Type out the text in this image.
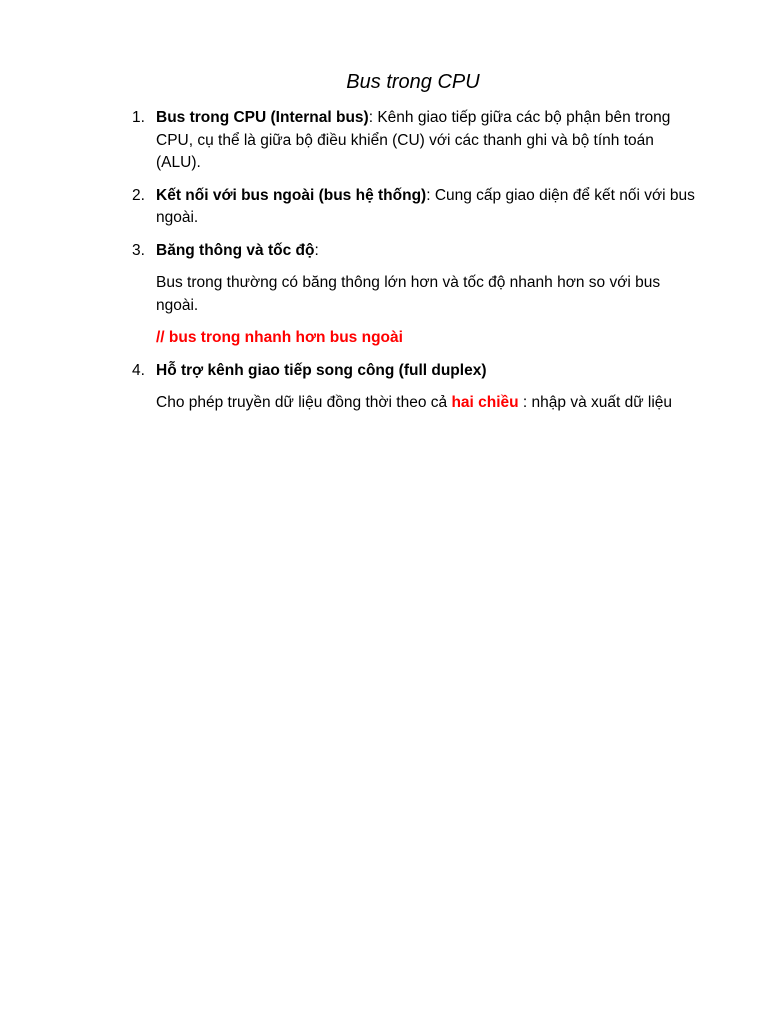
Bus trong CPU
1. Bus trong CPU (Internal bus): Kênh giao tiếp giữa các bộ phận bên trong CPU, cụ thể là giữa bộ điều khiển (CU) với các thanh ghi và bộ tính toán (ALU).

2. Kết nối với bus ngoài (bus hệ thống): Cung cấp giao diện để kết nối với bus ngoài.

3. Băng thông và tốc độ:

Bus trong thường có băng thông lớn hơn và tốc độ nhanh hơn so với bus ngoài.

// bus trong nhanh hơn bus ngoài

4. Hỗ trợ kênh giao tiếp song công (full duplex)

Cho phép truyền dữ liệu đồng thời theo cả hai chiều : nhập và xuất dữ liệu
